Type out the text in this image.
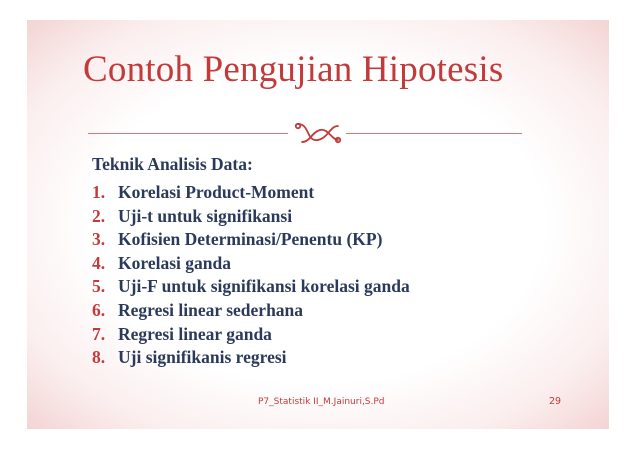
Contoh Pengujian Hipotesis
Teknik Analisis Data:
1. Korelasi Product-Moment
2. Uji-t untuk signifikansi
3. Kofisien Determinasi/Penentu (KP)
4. Korelasi ganda
5. Uji-F untuk signifikansi korelasi ganda
6. Regresi linear sederhana
7. Regresi linear ganda
8. Uji signifikanis regresi
P7_Statistik II_M.Jainuri,S.Pd	29
